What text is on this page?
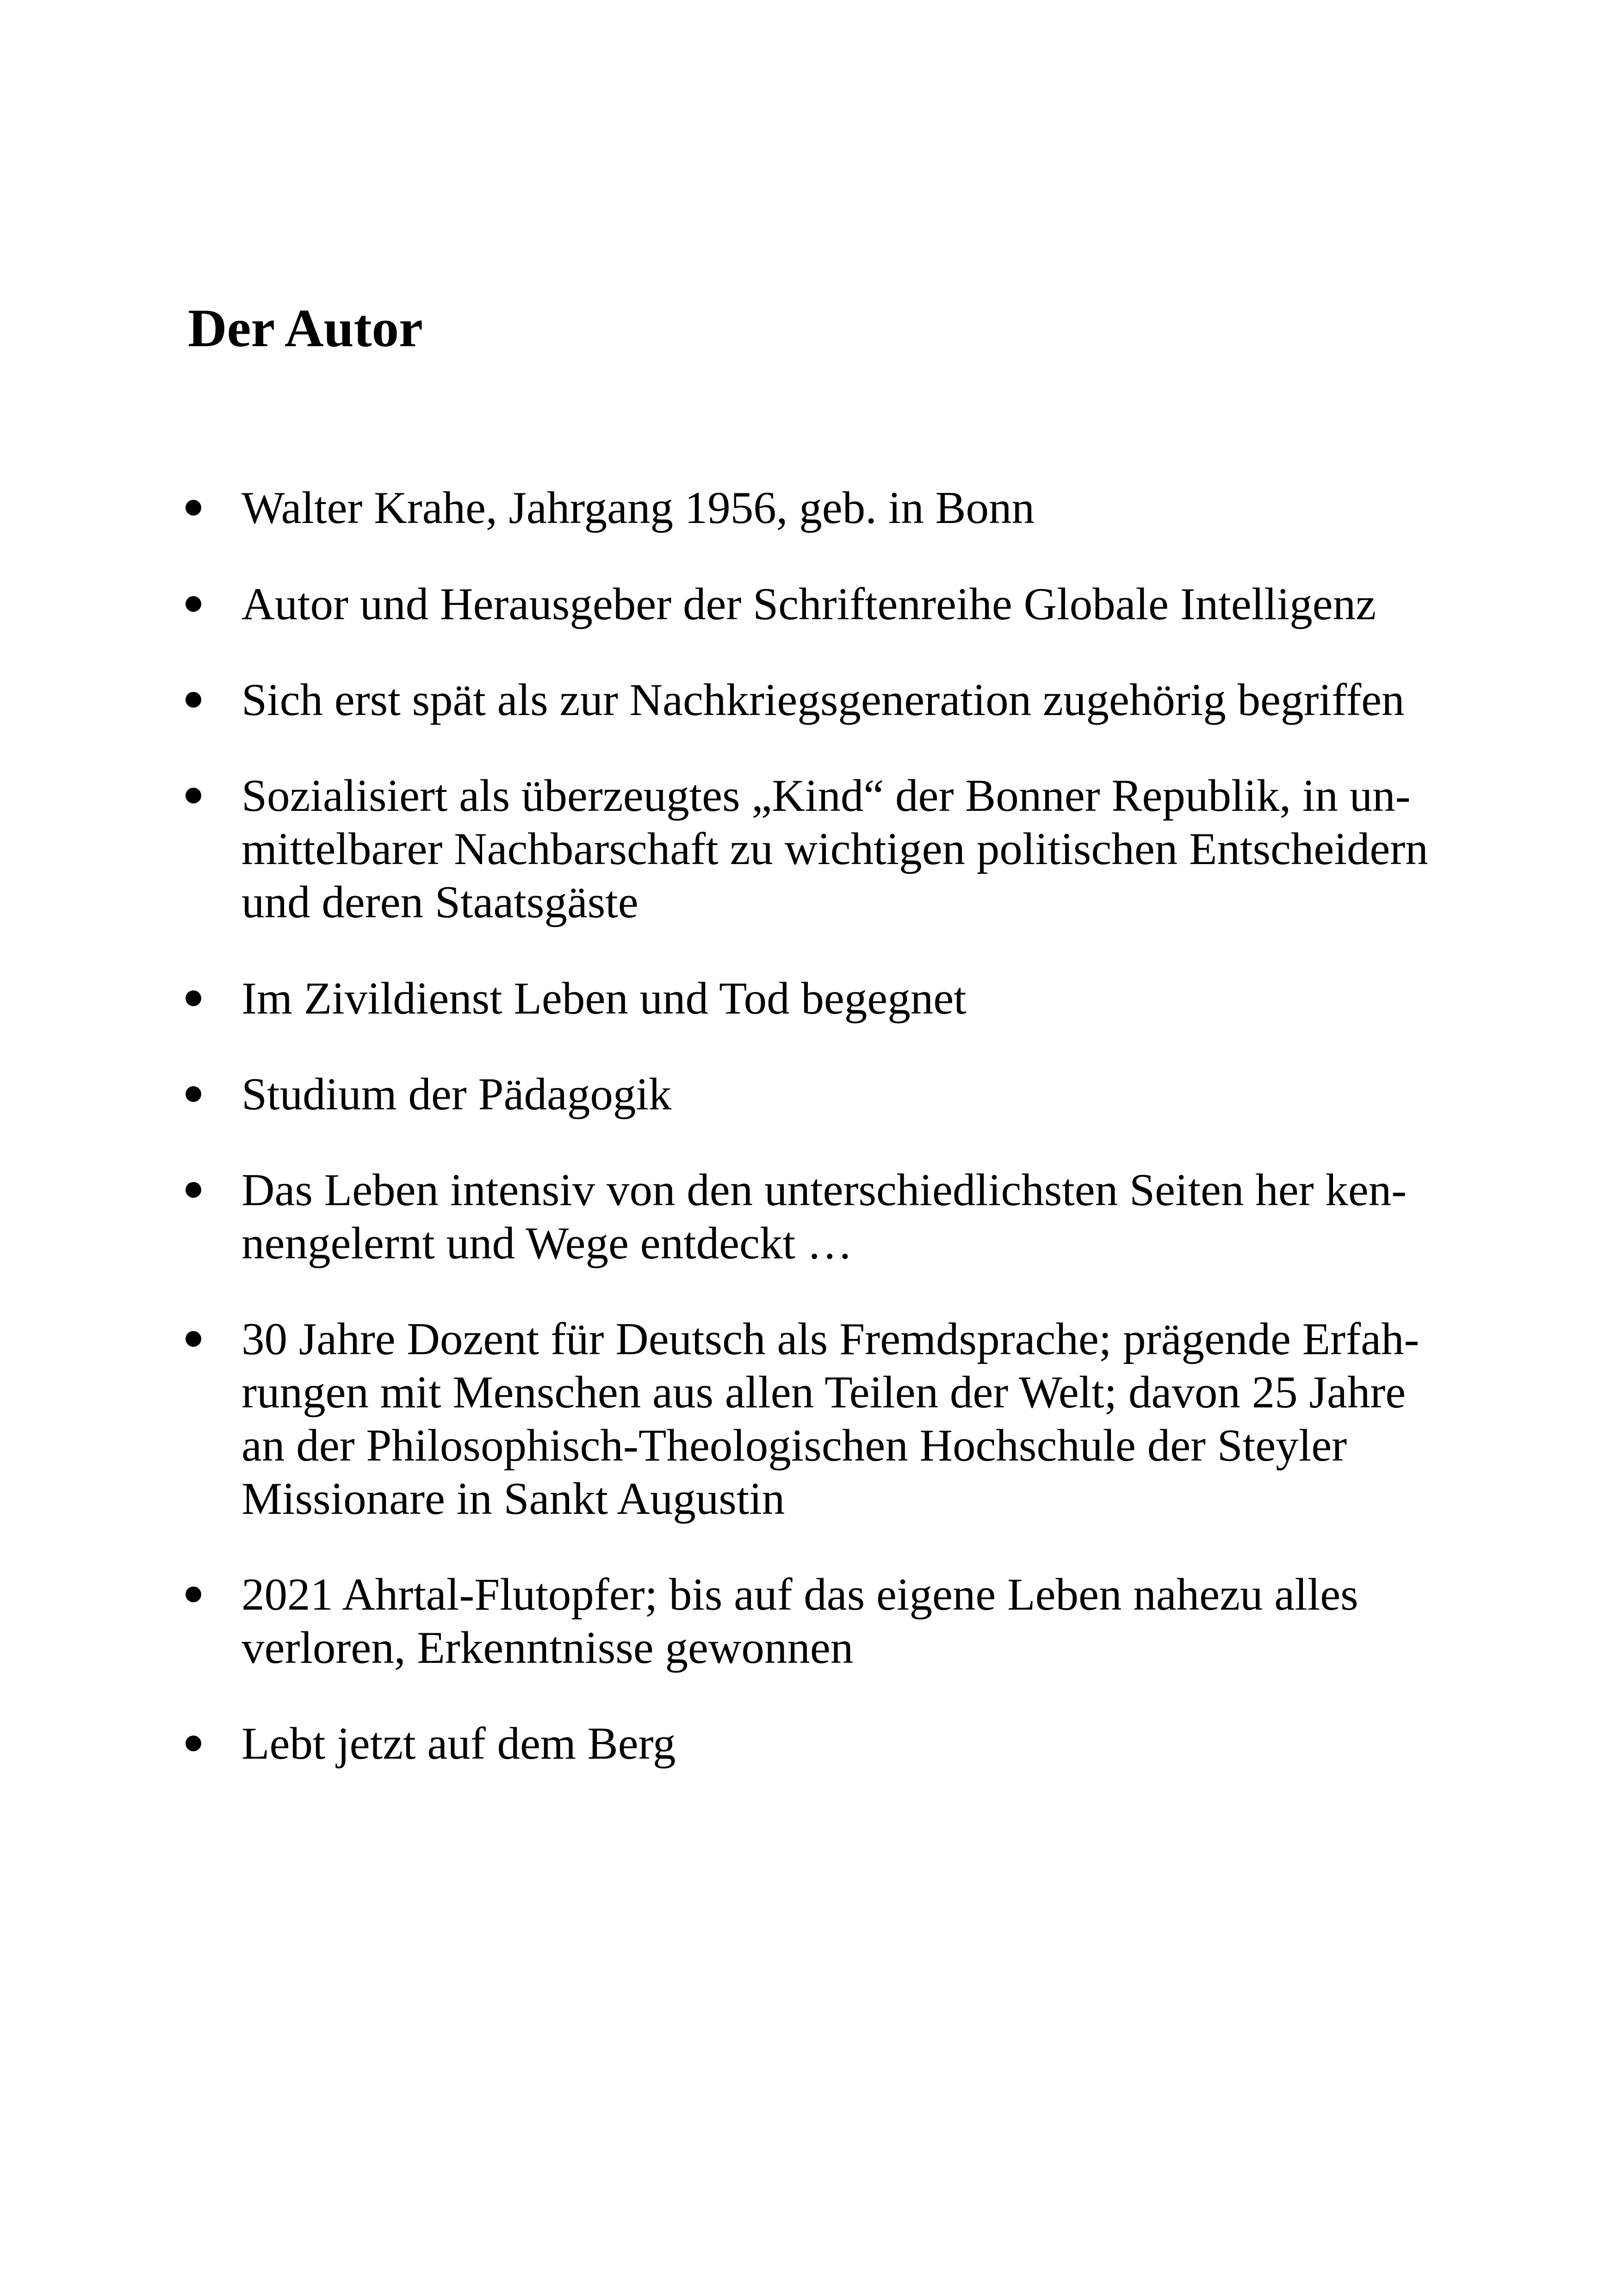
Der Autor
Walter Krahe, Jahrgang 1956, geb. in Bonn
Autor und Herausgeber der Schriftenreihe Globale Intelligenz
Sich erst spät als zur Nachkriegsgeneration zugehörig begriffen
Sozialisiert als überzeugtes „Kind“ der Bonner Republik, in un-
mittelbarer Nachbarschaft zu wichtigen politischen Entscheidern
und deren Staatsgäste
Im Zivildienst Leben und Tod begegnet
Studium der Pädagogik
Das Leben intensiv von den unterschiedlichsten Seiten her ken-
nengelernt und Wege entdeckt …
30 Jahre Dozent für Deutsch als Fremdsprache; prägende Erfah-
rungen mit Menschen aus allen Teilen der Welt; davon 25 Jahre
an der Philosophisch-Theologischen Hochschule der Steyler
Missionare in Sankt Augustin
2021 Ahrtal-Flutopfer; bis auf das eigene Leben nahezu alles
verloren, Erkenntnisse gewonnen
Lebt jetzt auf dem Berg
